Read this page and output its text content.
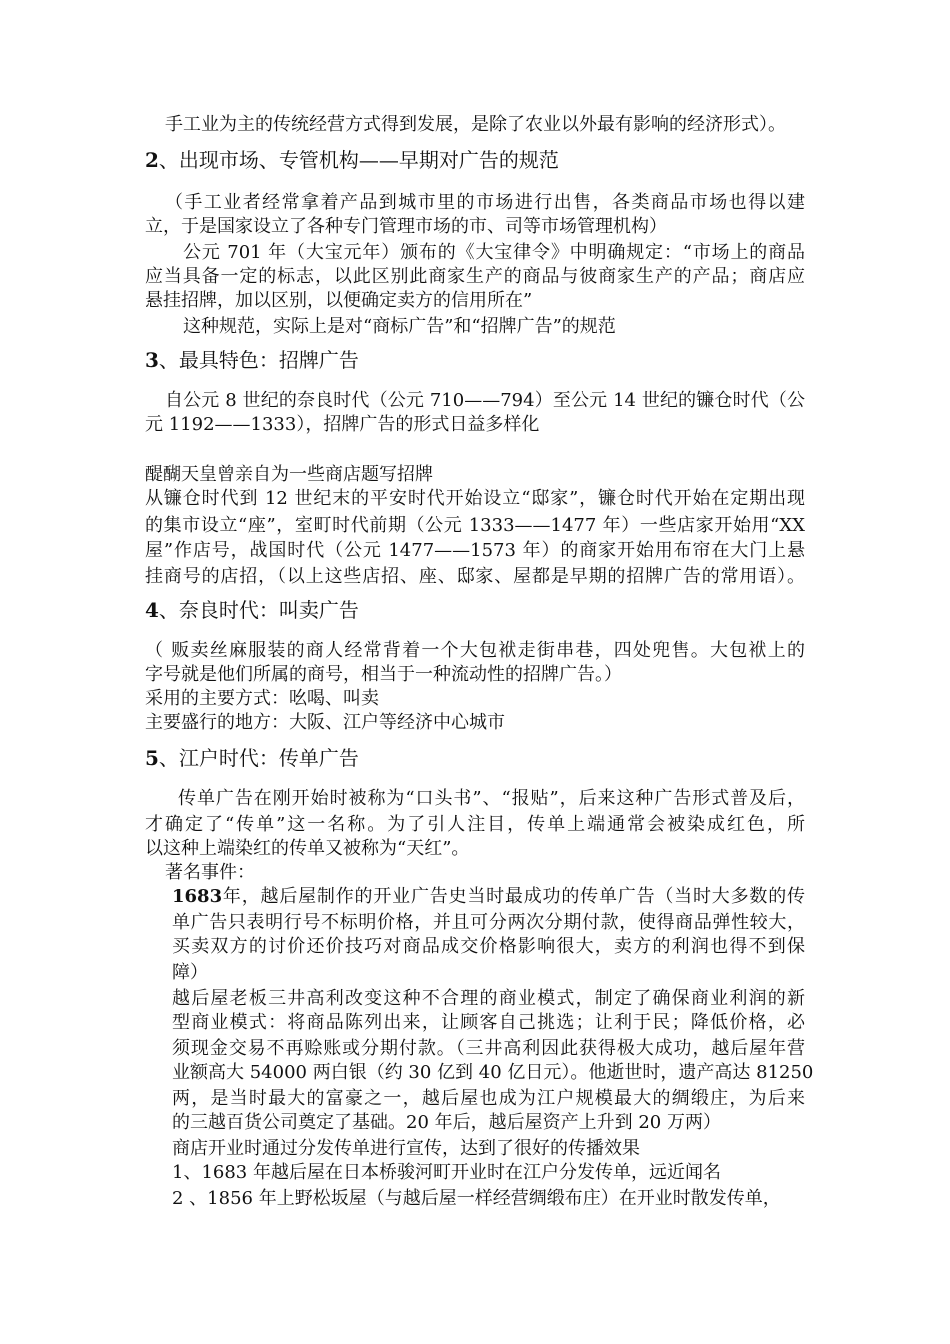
手工业为主的传统经营方式得到发展，是除了农业以外最有影响的经济形式）。

2、出现市场、专管机构——早期对广告的规范

（手工业者经常拿着产品到城市里的市场进行出售，各类商品市场也得以建

立，于是国家设立了各种专门管理市场的市、司等市场管理机构）

公元 701 年（大宝元年）颁布的《大宝律令》中明确规定：“市场上的商品

应当具备一定的标志，以此区别此商家生产的商品与彼商家生产的产品；商店应

悬挂招牌，加以区别，以便确定卖方的信用所在”

这种规范，实际上是对“商标广告”和“招牌广告”的规范

3、最具特色：招牌广告

自公元 8 世纪的奈良时代（公元 710——794）至公元 14 世纪的镰仓时代（公

元 1192——1333），招牌广告的形式日益多样化

醍醐天皇曾亲自为一些商店题写招牌

从镰仓时代到 12 世纪末的平安时代开始设立“邸家”，镰仓时代开始在定期出现

的集市设立“座”，室町时代前期（公元 1333——1477 年）一些店家开始用“XX

屋”作店号，战国时代（公元 1477——1573 年）的商家开始用布帘在大门上悬

挂商号的店招，（以上这些店招、座、邸家、屋都是早期的招牌广告的常用语）。

4、奈良时代：叫卖广告

（ 贩卖丝麻服装的商人经常背着一个大包袱走街串巷，四处兜售。大包袱上的

字号就是他们所属的商号，相当于一种流动性的招牌广告。）

采用的主要方式：吆喝、叫卖

主要盛行的地方：大阪、江户等经济中心城市

5、江户时代：传单广告

传单广告在刚开始时被称为“口头书”、“报贴”，后来这种广告形式普及后，

才确定了“传单”这一名称。为了引人注目，传单上端通常会被染成红色，所

以这种上端染红的传单又被称为“天红”。

著名事件：

1683年，越后屋制作的开业广告史当时最成功的传单广告（当时大多数的传

单广告只表明行号不标明价格，并且可分两次分期付款，使得商品弹性较大，

买卖双方的讨价还价技巧对商品成交价格影响很大，卖方的利润也得不到保

障）

越后屋老板三井高利改变这种不合理的商业模式，制定了确保商业利润的新

型商业模式：将商品陈列出来，让顾客自己挑选；让利于民；降低价格，必

须现金交易不再赊账或分期付款。（三井高利因此获得极大成功，越后屋年营

业额高大 54000 两白银（约 30 亿到 40 亿日元）。他逝世时，遗产高达 81250

两，是当时最大的富豪之一，越后屋也成为江户规模最大的绸缎庄，为后来

的三越百货公司奠定了基础。20 年后，越后屋资产上升到 20 万两）

商店开业时通过分发传单进行宣传，达到了很好的传播效果

1、1683 年越后屋在日本桥骏河町开业时在江户分发传单，远近闻名

2 、1856 年上野松坂屋（与越后屋一样经营绸缎布庄）在开业时散发传单，
